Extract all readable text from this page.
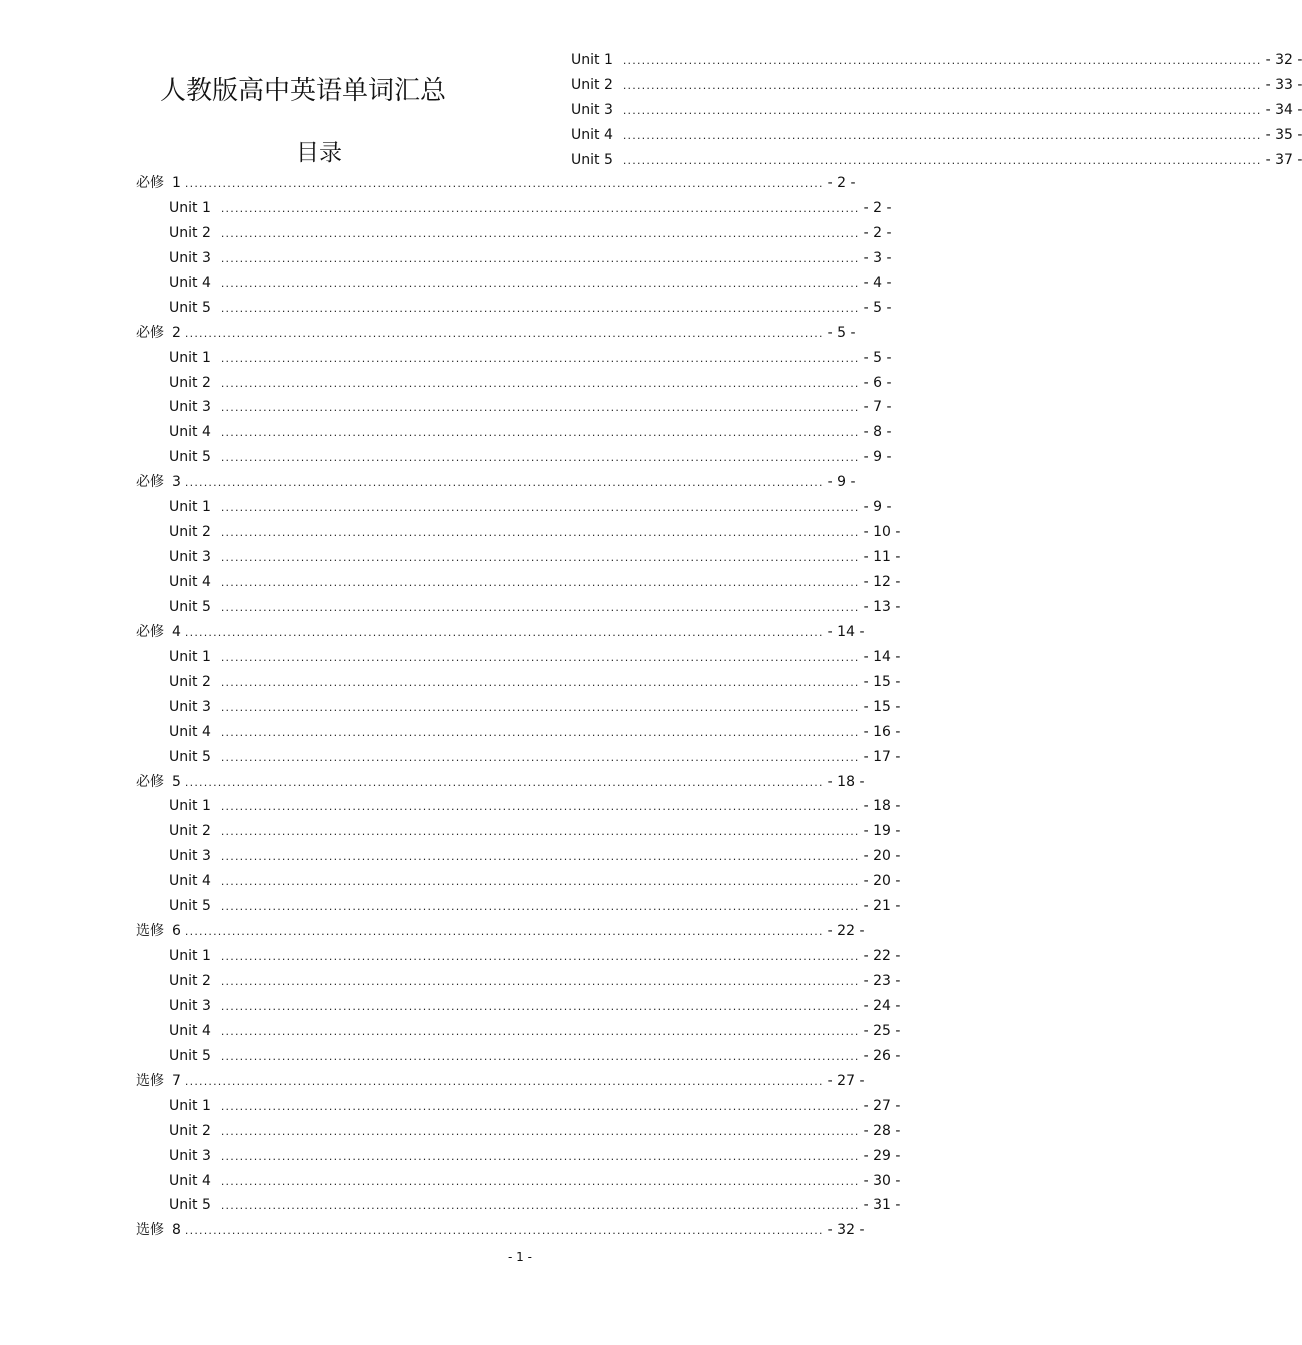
人教版高中英语单词汇总
目录
必修 1 ........................................................................................................................................ - 2 -
Unit 1 ........................................................................................................................................ - 2 -
Unit 2 ........................................................................................................................................ - 2 -
Unit 3 ........................................................................................................................................ - 3 -
Unit 4 ........................................................................................................................................ - 4 -
Unit 5 ........................................................................................................................................ - 5 -
必修 2 ........................................................................................................................................ - 5 -
Unit 1 ........................................................................................................................................ - 5 -
Unit 2 ........................................................................................................................................ - 6 -
Unit 3 ........................................................................................................................................ - 7 -
Unit 4 ........................................................................................................................................ - 8 -
Unit 5 ........................................................................................................................................ - 9 -
必修 3 ........................................................................................................................................ - 9 -
Unit 1 ........................................................................................................................................ - 9 -
Unit 2 ........................................................................................................................................ - 10 -
Unit 3 ........................................................................................................................................ - 11 -
Unit 4 ........................................................................................................................................ - 12 -
Unit 5 ........................................................................................................................................ - 13 -
必修 4 ........................................................................................................................................ - 14 -
Unit 1 ........................................................................................................................................ - 14 -
Unit 2 ........................................................................................................................................ - 15 -
Unit 3 ........................................................................................................................................ - 15 -
Unit 4 ........................................................................................................................................ - 16 -
Unit 5 ........................................................................................................................................ - 17 -
必修 5 ........................................................................................................................................ - 18 -
Unit 1 ........................................................................................................................................ - 18 -
Unit 2 ........................................................................................................................................ - 19 -
Unit 3 ........................................................................................................................................ - 20 -
Unit 4 ........................................................................................................................................ - 20 -
Unit 5 ........................................................................................................................................ - 21 -
选修 6 ........................................................................................................................................ - 22 -
Unit 1 ........................................................................................................................................ - 22 -
Unit 2 ........................................................................................................................................ - 23 -
Unit 3 ........................................................................................................................................ - 24 -
Unit 4 ........................................................................................................................................ - 25 -
Unit 5 ........................................................................................................................................ - 26 -
选修 7 ........................................................................................................................................ - 27 -
Unit 1 ........................................................................................................................................ - 27 -
Unit 2 ........................................................................................................................................ - 28 -
Unit 3 ........................................................................................................................................ - 29 -
Unit 4 ........................................................................................................................................ - 30 -
Unit 5 ........................................................................................................................................ - 31 -
选修 8 ........................................................................................................................................ - 32 -
Unit 1 ........................................................................................................................................ - 32 -
Unit 2 ........................................................................................................................................ - 33 -
Unit 3 ........................................................................................................................................ - 34 -
Unit 4 ........................................................................................................................................ - 35 -
Unit 5 ........................................................................................................................................ - 37 -
- 1 -
